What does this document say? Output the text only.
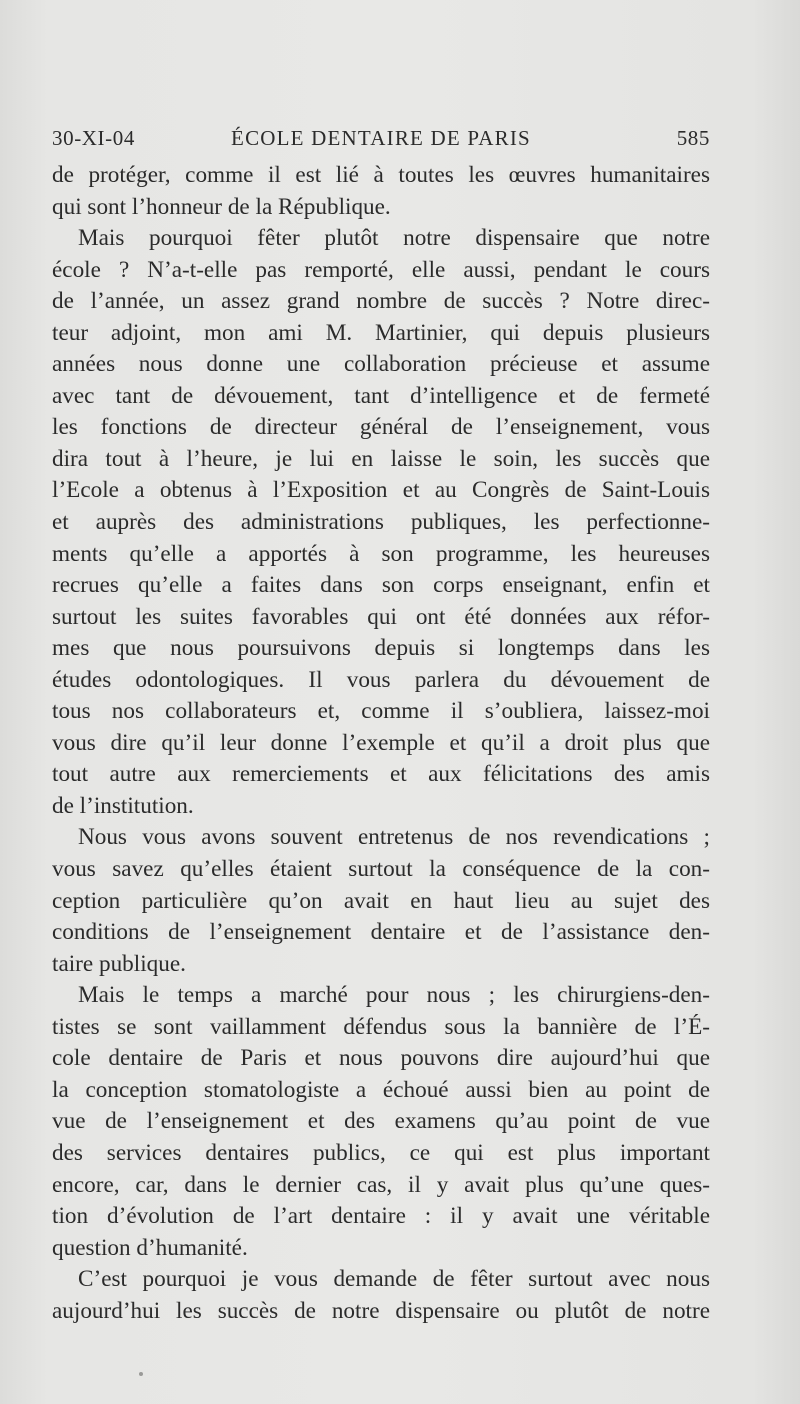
30-XI-04	ÉCOLE DENTAIRE DE PARIS	585
de protéger, comme il est lié à toutes les œuvres humanitaires
qui sont l’honneur de la République.
Mais pourquoi fêter plutôt notre dispensaire que notre
école ? N’a-t-elle pas remporté, elle aussi, pendant le cours
de l’année, un assez grand nombre de succès ? Notre direc-
teur adjoint, mon ami M. Martinier, qui depuis plusieurs
années nous donne une collaboration précieuse et assume
avec tant de dévouement, tant d’intelligence et de fermeté
les fonctions de directeur général de l’enseignement, vous
dira tout à l’heure, je lui en laisse le soin, les succès que
l’Ecole a obtenus à l’Exposition et au Congrès de Saint-Louis
et auprès des administrations publiques, les perfectionne-
ments qu’elle a apportés à son programme, les heureuses
recrues qu’elle a faites dans son corps enseignant, enfin et
surtout les suites favorables qui ont été données aux réfor-
mes que nous poursuivons depuis si longtemps dans les
études odontologiques. Il vous parlera du dévouement de
tous nos collaborateurs et, comme il s’oubliera, laissez-moi
vous dire qu’il leur donne l’exemple et qu’il a droit plus que
tout autre aux remerciements et aux félicitations des amis
de l’institution.
Nous vous avons souvent entretenus de nos revendications ;
vous savez qu’elles étaient surtout la conséquence de la con-
ception particulière qu’on avait en haut lieu au sujet des
conditions de l’enseignement dentaire et de l’assistance den-
taire publique.
Mais le temps a marché pour nous ; les chirurgiens-den-
tistes se sont vaillamment défendus sous la bannière de l’É-
cole dentaire de Paris et nous pouvons dire aujourd’hui que
la conception stomatologiste a échoué aussi bien au point de
vue de l’enseignement et des examens qu’au point de vue
des services dentaires publics, ce qui est plus important
encore, car, dans le dernier cas, il y avait plus qu’une ques-
tion d’évolution de l’art dentaire : il y avait une véritable
question d’humanité.
C’est pourquoi je vous demande de fêter surtout avec nous
aujourd’hui les succès de notre dispensaire ou plutôt de notre
